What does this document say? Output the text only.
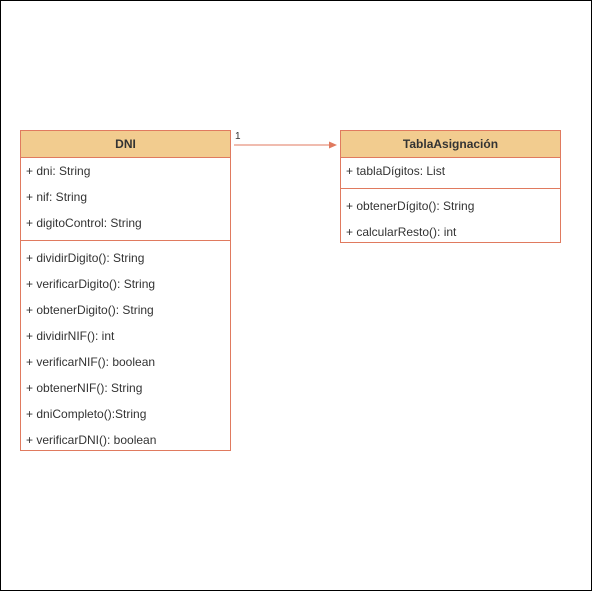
DNI
+ dni: String
+ nif: String
+ digitoControl: String
+ dividirDigito(): String
+ verificarDigito(): String
+ obtenerDigito(): String
+ dividirNIF(): int
+ verificarNIF(): boolean
+ obtenerNIF(): String
+ dniCompleto():String
+ verificarDNI(): boolean
TablaAsignación
+ tablaDígitos: List
+ obtenerDígito(): String
+ calcularResto(): int
1
